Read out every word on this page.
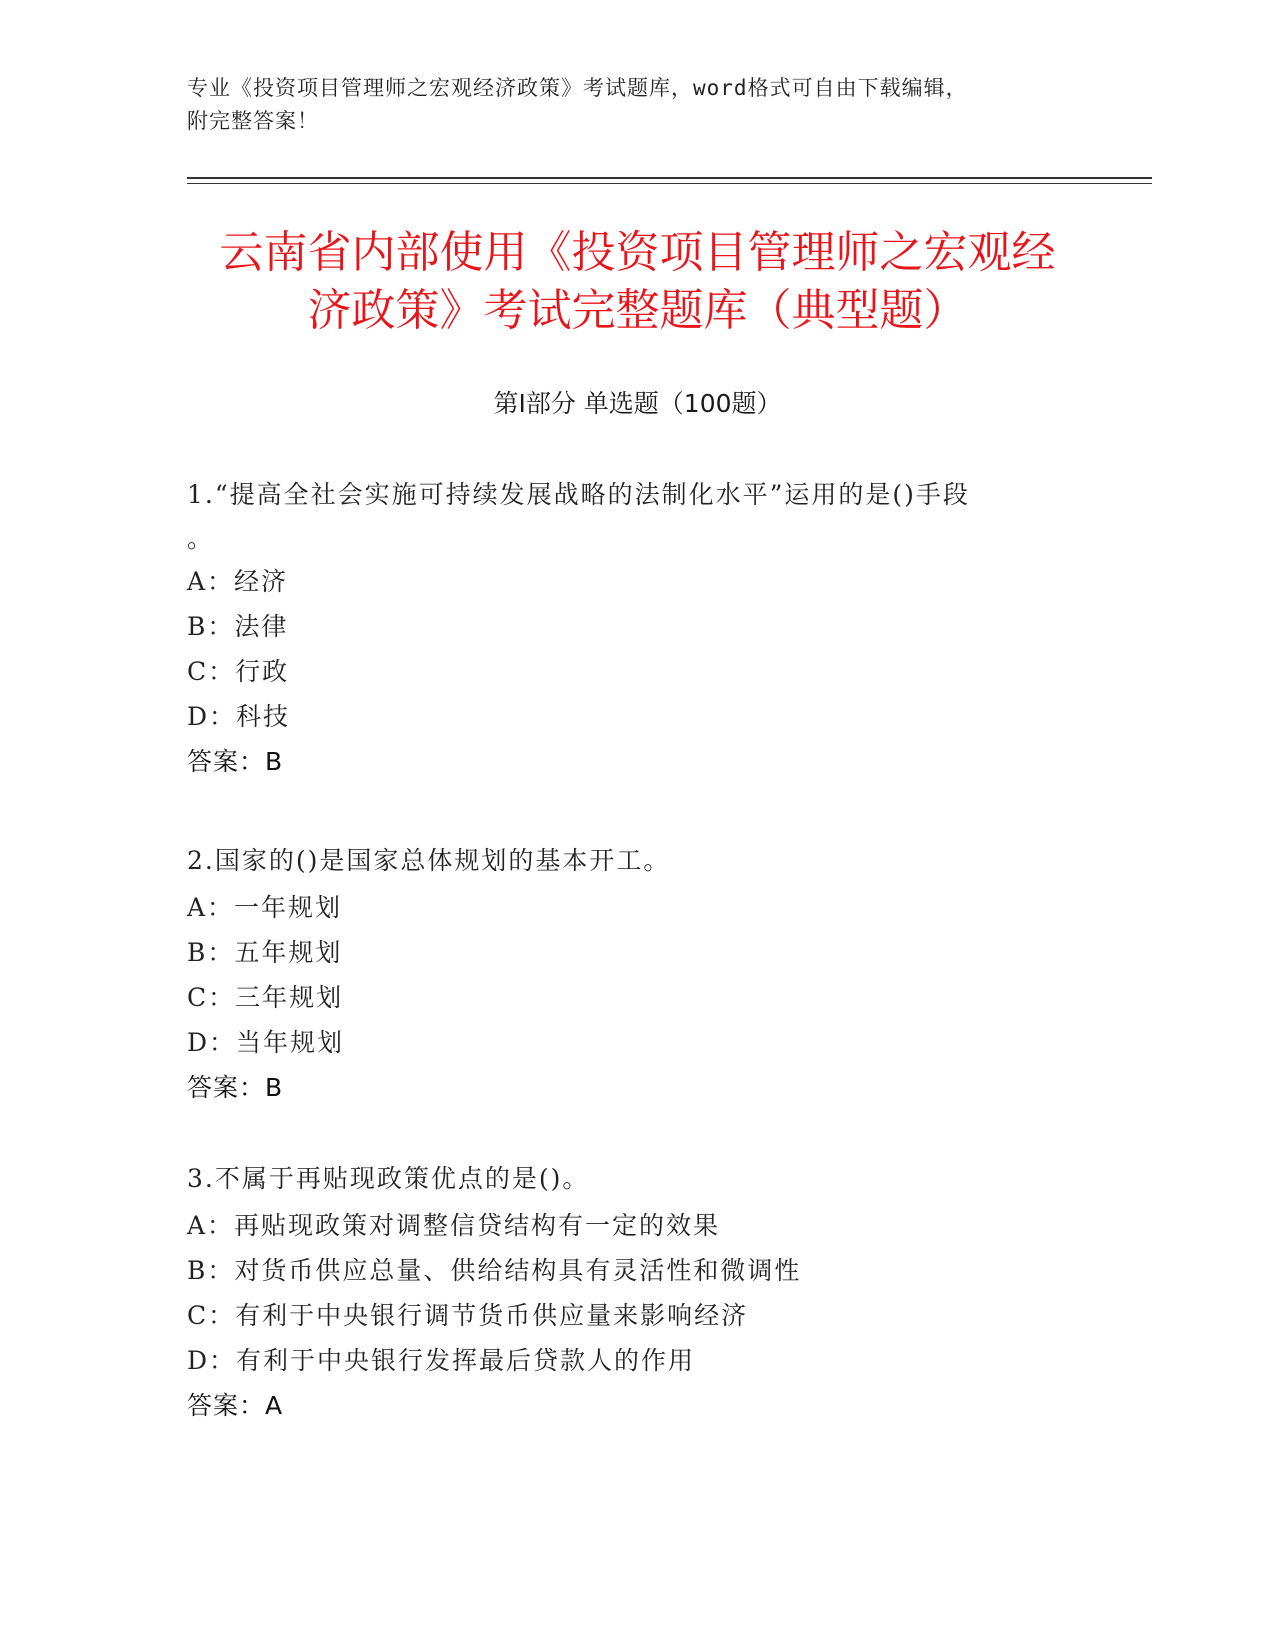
专业《投资项目管理师之宏观经济政策》考试题库，word格式可自由下载编辑，
附完整答案！
云南省内部使用《投资项目管理师之宏观经
济政策》考试完整题库（典型题）
第Ⅰ部分 单选题（100题）

1.“提高全社会实施可持续发展战略的法制化水平”运用的是()手段

。

A：经济

B：法律

C：行政

D：科技

答案：B

2.国家的()是国家总体规划的基本开工。

A：一年规划

B：五年规划

C：三年规划

D：当年规划

答案：B

3.不属于再贴现政策优点的是()。

A：再贴现政策对调整信贷结构有一定的效果

B：对货币供应总量、供给结构具有灵活性和微调性

C：有利于中央银行调节货币供应量来影响经济

D：有利于中央银行发挥最后贷款人的作用

答案：A
